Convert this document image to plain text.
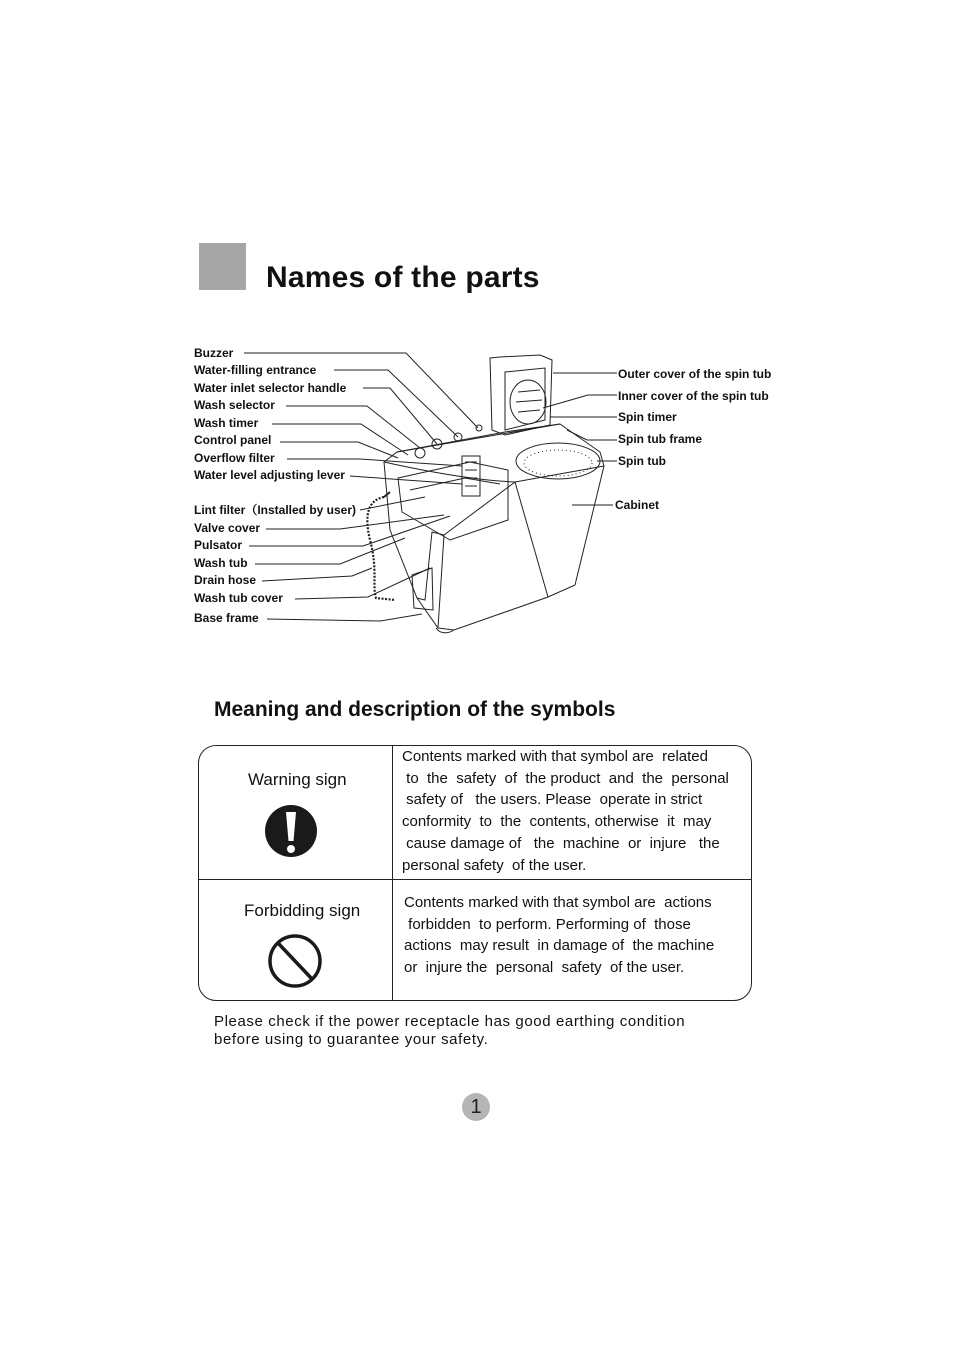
Names of the parts
Buzzer
Water-filling entrance
Water inlet selector handle
Wash selector
Wash timer
Control panel
Overflow filter
Water level adjusting lever
Lint filter（Installed by user)
Valve cover
Pulsator
Wash tub
Drain hose
Wash tub cover
Base frame
Outer cover of the spin tub
Inner cover of the spin tub
Spin timer
Spin tub frame
Spin tub
Cabinet
Meaning and description of the symbols
Warning sign

Contents marked with that symbol are  related
to  the  safety  of  the product  and  the  personal
safety of   the users. Please  operate in strict
conformity  to  the  contents, otherwise  it  may
cause damage of   the  machine  or  injure   the
personal safety  of the user.

Forbidding sign	Contents marked with that symbol are  actions
forbidden  to perform. Performing of  those
actions  may result  in damage of  the machine
or  injure the  personal  safety  of the user.

Please check if the power receptacle has good earthing condition
before using to guarantee your safety.

1
